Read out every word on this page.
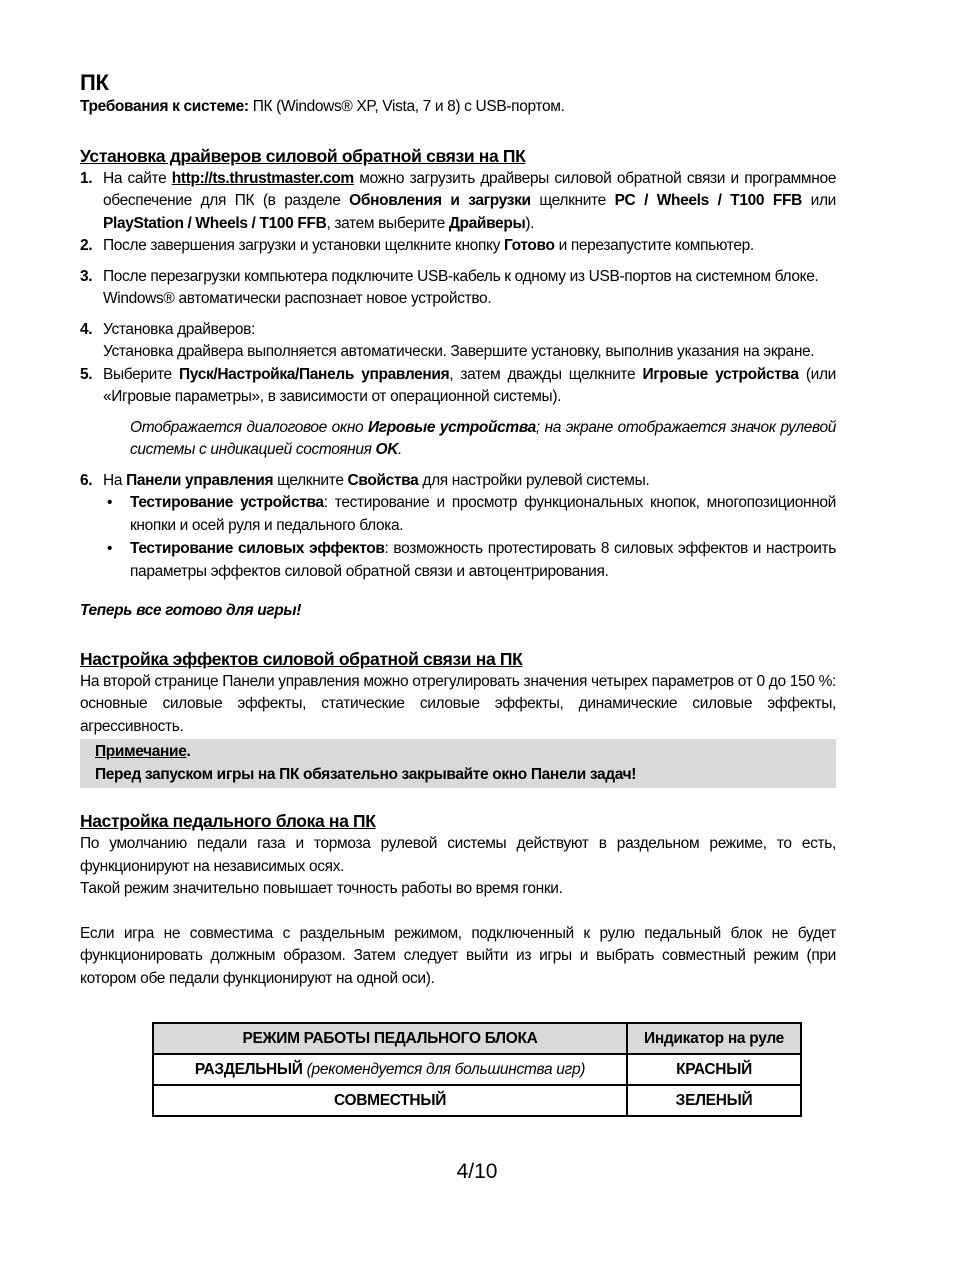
ПК

Требования к системе: ПК (Windows® XP, Vista, 7 и 8) с USB-портом.

Установка драйверов силовой обратной связи на ПК
1. На сайте http://ts.thrustmaster.com можно загрузить драйверы силовой обратной связи и программное обеспечение для ПК (в разделе Обновления и загрузки щелкните PC / Wheels / T100 FFB или PlayStation / Wheels / T100 FFB, затем выберите Драйверы).
2. После завершения загрузки и установки щелкните кнопку Готово и перезапустите компьютер.
3. После перезагрузки компьютера подключите USB-кабель к одному из USB-портов на системном блоке. Windows® автоматически распознает новое устройство.
4. Установка драйверов:
Установка драйвера выполняется автоматически. Завершите установку, выполнив указания на экране.
5. Выберите Пуск/Настройка/Панель управления, затем дважды щелкните Игровые устройства (или «Игровые параметры», в зависимости от операционной системы).
Отображается диалоговое окно Игровые устройства; на экране отображается значок рулевой системы с индикацией состояния OK.
6. На Панели управления щелкните Свойства для настройки рулевой системы.
• Тестирование устройства: тестирование и просмотр функциональных кнопок, многопозиционной кнопки и осей руля и педального блока.
• Тестирование силовых эффектов: возможность протестировать 8 силовых эффектов и настроить параметры эффектов силовой обратной связи и автоцентрирования.

Теперь все готово для игры!

Настройка эффектов силовой обратной связи на ПК

На второй странице Панели управления можно отрегулировать значения четырех параметров от 0 до 150 %: основные силовые эффекты, статические силовые эффекты, динамические силовые эффекты, агрессивность.

Примечание.
Перед запуском игры на ПК обязательно закрывайте окно Панели задач!
Настройка педального блока на ПК

По умолчанию педали газа и тормоза рулевой системы действуют в раздельном режиме, то есть, функционируют на независимых осях.

Такой режим значительно повышает точность работы во время гонки.

Если игра не совместима с раздельным режимом, подключенный к рулю педальный блок не будет функционировать должным образом. Затем следует выйти из игры и выбрать совместный режим (при котором обе педали функционируют на одной оси).

РЕЖИМ РАБОТЫ ПЕДАЛЬНОГО БЛОКА	Индикатор на руле
РАЗДЕЛЬНЫЙ (рекомендуется для большинства игр)	КРАСНЫЙ
СОВМЕСТНЫЙ	ЗЕЛЕНЫЙ
4/10
